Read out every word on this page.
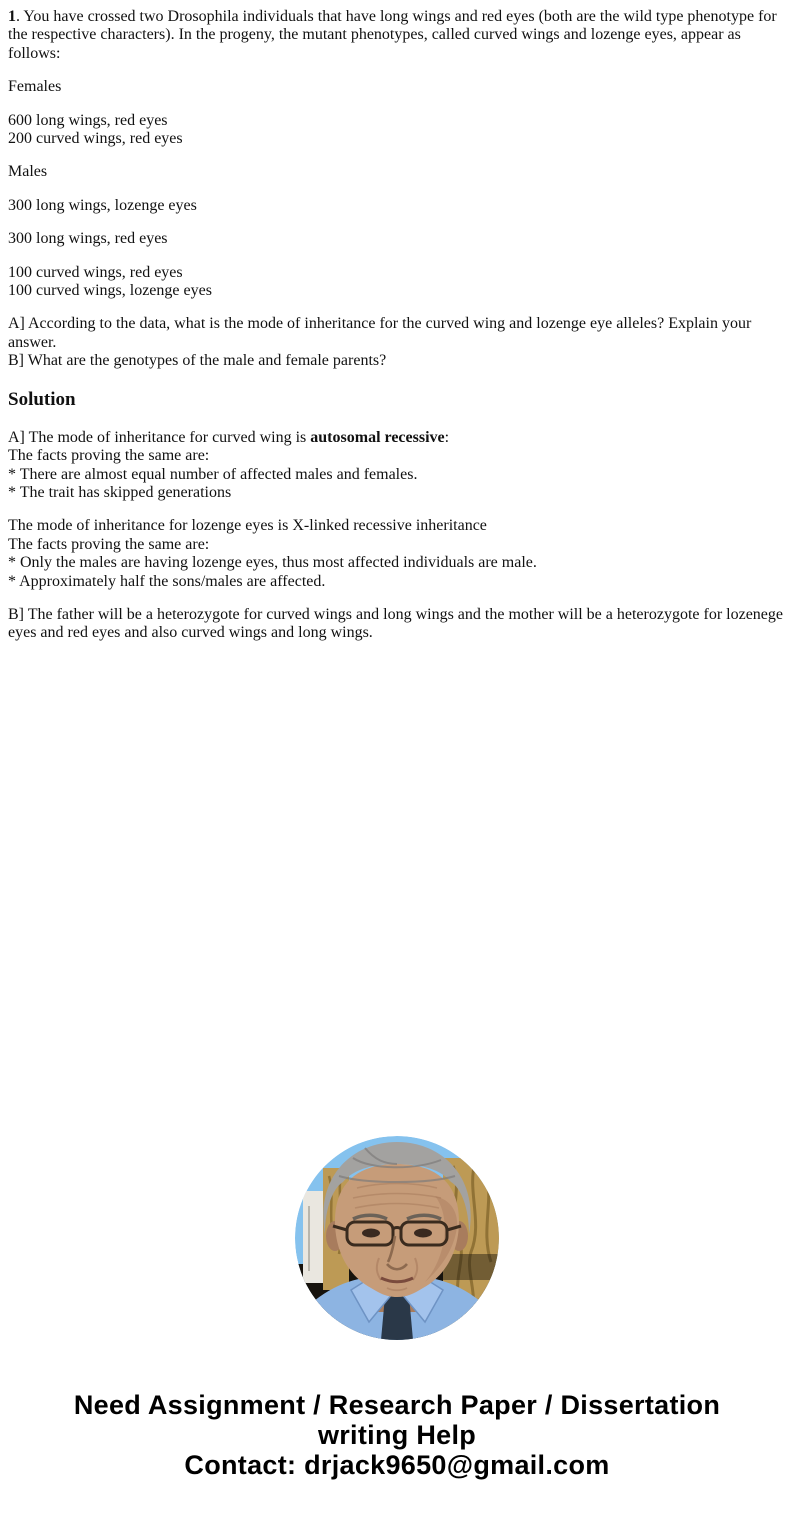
1. You have crossed two Drosophila individuals that have long wings and red eyes (both are the wild type phenotype for the respective characters). In the progeny, the mutant phenotypes, called curved wings and lozenge eyes, appear as follows:

Females

600 long wings, red eyes
200 curved wings, red eyes

Males

300 long wings, lozenge eyes

300 long wings, red eyes

100 curved wings, red eyes
100 curved wings, lozenge eyes

A] According to the data, what is the mode of inheritance for the curved wing and lozenge eye alleles? Explain your answer.
B] What are the genotypes of the male and female parents?

Solution

A] The mode of inheritance for curved wing is autosomal recessive:
The facts proving the same are:
* There are almost equal number of affected males and females.
* The trait has skipped generations

The mode of inheritance for lozenge eyes is X-linked recessive inheritance
The facts proving the same are:
* Only the males are having lozenge eyes, thus most affected individuals are male.
* Approximately half the sons/males are affected.

B] The father will be a heterozygote for curved wings and long wings and the mother will be a heterozygote for lozenege eyes and red eyes and also curved wings and long wings.

Need Assignment / Research Paper / Dissertation writing Help
Contact: drjack9650@gmail.com
